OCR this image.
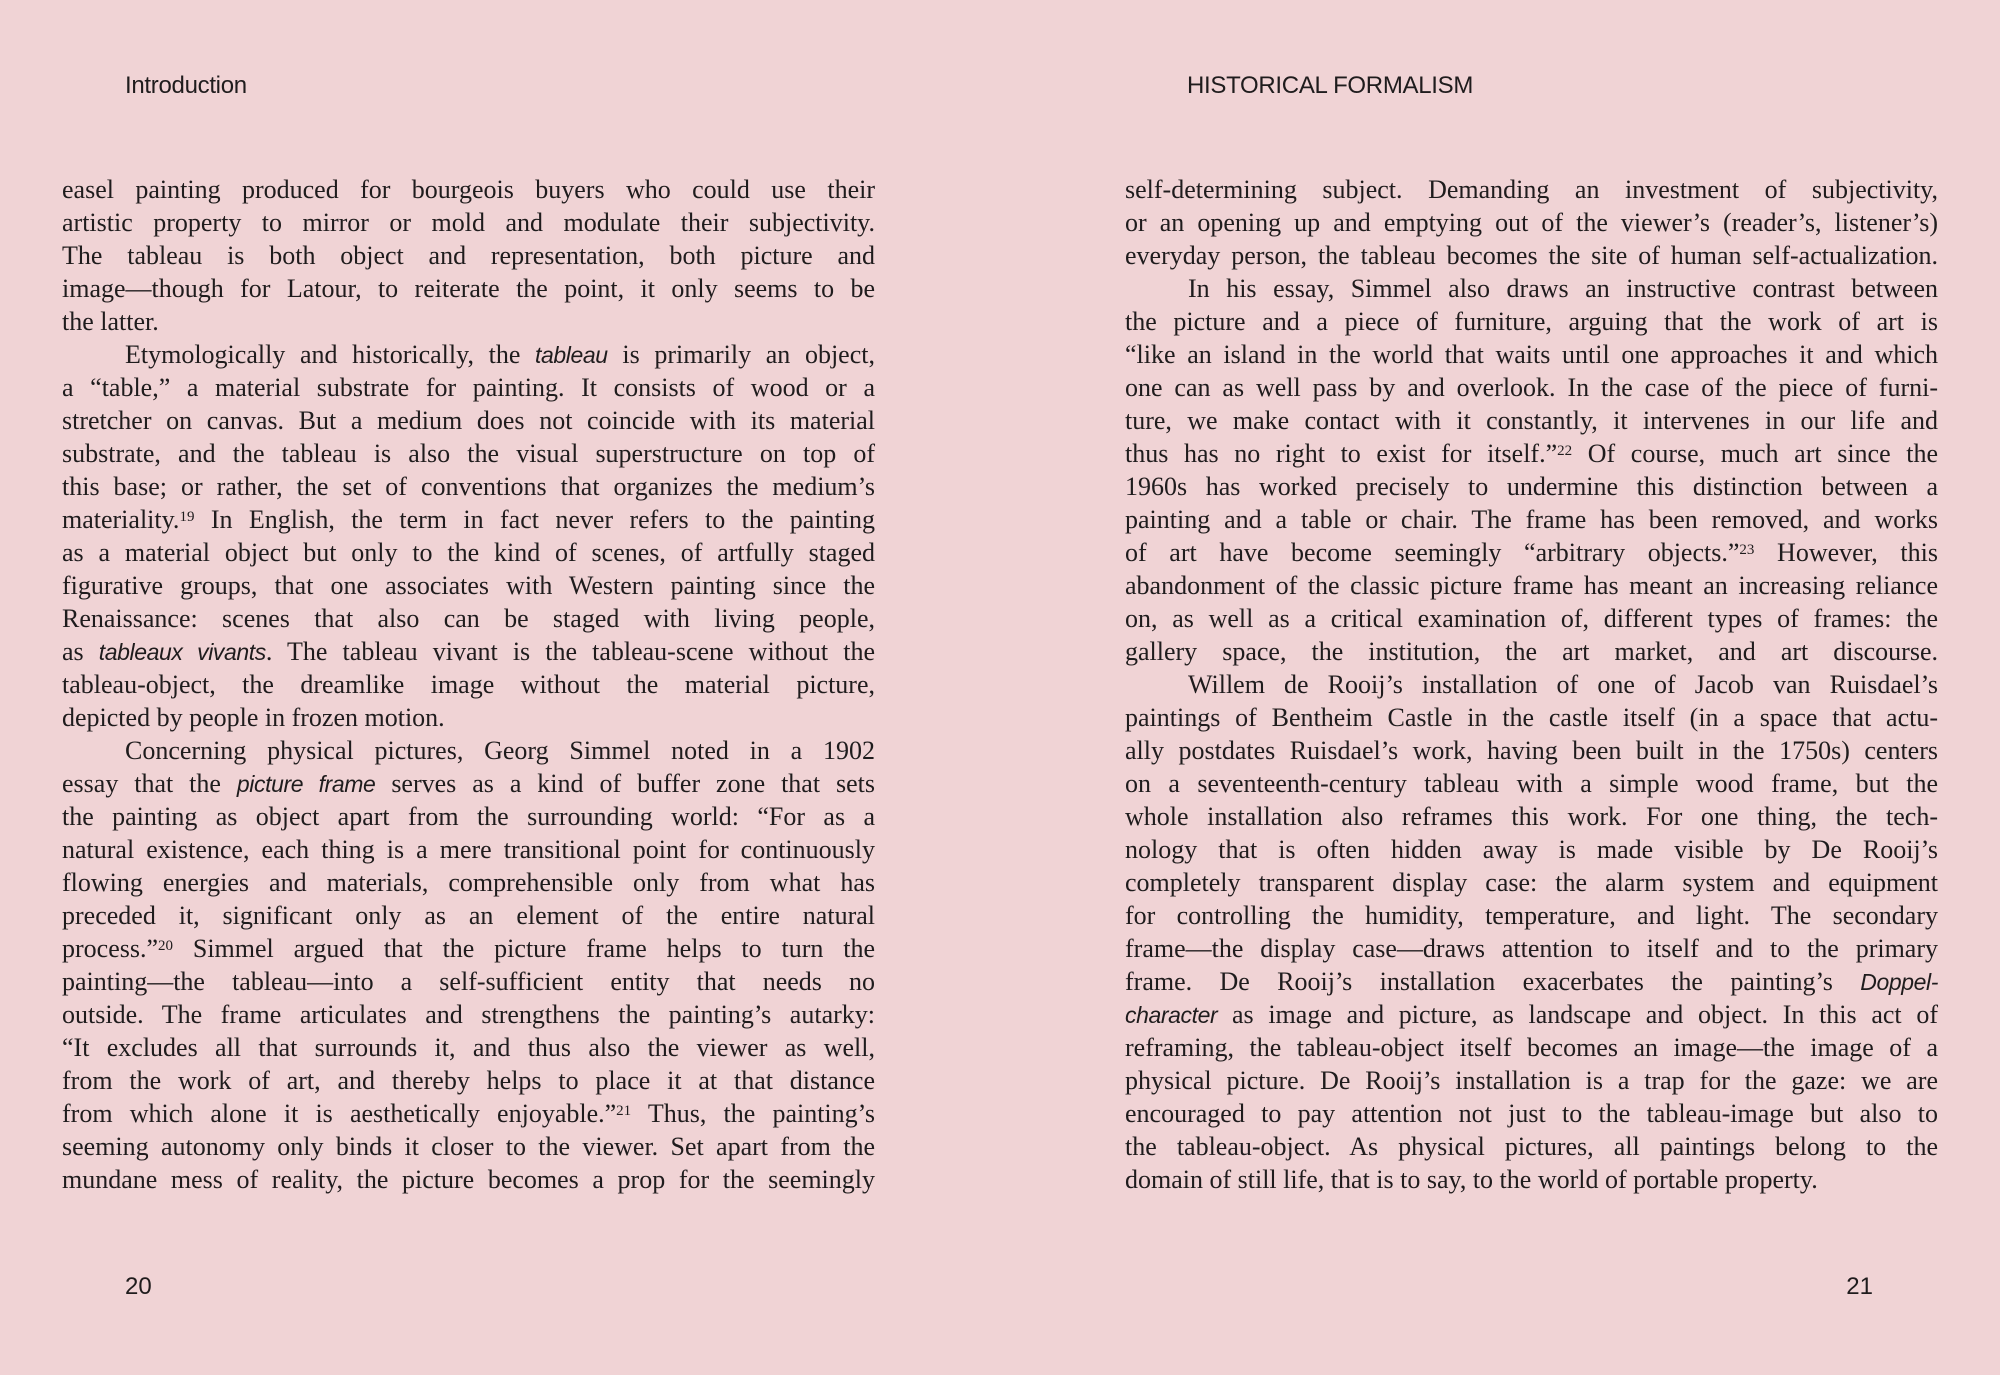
Introduction
easel painting produced for bourgeois buyers who could use their
artistic property to mirror or mold and modulate their subjectivity.
The tableau is both object and representation, both picture and
image—though for Latour, to reiterate the point, it only seems to be
the latter.
Etymologically and historically, the tableau is primarily an object,
a “table,” a material substrate for painting. It consists of wood or a
stretcher on canvas. But a medium does not coincide with its material
substrate, and the tableau is also the visual superstructure on top of
this base; or rather, the set of conventions that organizes the medium’s
materiality.$^{19}$ In English, the term in fact never refers to the painting
as a material object but only to the kind of scenes, of artfully staged
figurative groups, that one associates with Western painting since the
Renaissance: scenes that also can be staged with living people,
as tableaux vivants. The tableau vivant is the tableau-scene without the
tableau-object, the dreamlike image without the material picture,
depicted by people in frozen motion.
Concerning physical pictures, Georg Simmel noted in a 1902
essay that the picture frame serves as a kind of buffer zone that sets
the painting as object apart from the surrounding world: “For as a
natural existence, each thing is a mere transitional point for continuously
flowing energies and materials, comprehensible only from what has
preceded it, significant only as an element of the entire natural
process.”$^{20}$ Simmel argued that the picture frame helps to turn the
painting—the tableau—into a self-sufficient entity that needs no
outside. The frame articulates and strengthens the painting’s autarky:
“It excludes all that surrounds it, and thus also the viewer as well,
from the work of art, and thereby helps to place it at that distance
from which alone it is aesthetically enjoyable.”$^{21}$ Thus, the painting’s
seeming autonomy only binds it closer to the viewer. Set apart from the
mundane mess of reality, the picture becomes a prop for the seemingly
20
HISTORICAL FORMALISM
self-determining subject. Demanding an investment of subjectivity,
or an opening up and emptying out of the viewer’s (reader’s, listener’s)
everyday person, the tableau becomes the site of human self-actualization.
In his essay, Simmel also draws an instructive contrast between
the picture and a piece of furniture, arguing that the work of art is
“like an island in the world that waits until one approaches it and which
one can as well pass by and overlook. In the case of the piece of furni-
ture, we make contact with it constantly, it intervenes in our life and
thus has no right to exist for itself.”$^{22}$ Of course, much art since the
1960s has worked precisely to undermine this distinction between a
painting and a table or chair. The frame has been removed, and works
of art have become seemingly “arbitrary objects.”$^{23}$ However, this
abandonment of the classic picture frame has meant an increasing reliance
on, as well as a critical examination of, different types of frames: the
gallery space, the institution, the art market, and art discourse.
Willem de Rooij’s installation of one of Jacob van Ruisdael’s
paintings of Bentheim Castle in the castle itself (in a space that actu-
ally postdates Ruisdael’s work, having been built in the 1750s) centers
on a seventeenth-century tableau with a simple wood frame, but the
whole installation also reframes this work. For one thing, the tech-
nology that is often hidden away is made visible by De Rooij’s
completely transparent display case: the alarm system and equipment
for controlling the humidity, temperature, and light. The secondary
frame—the display case—draws attention to itself and to the primary
frame. De Rooij’s installation exacerbates the painting’s Doppel-
character as image and picture, as landscape and object. In this act of
reframing, the tableau-object itself becomes an image—the image of a
physical picture. De Rooij’s installation is a trap for the gaze: we are
encouraged to pay attention not just to the tableau-image but also to
the tableau-object. As physical pictures, all paintings belong to the
domain of still life, that is to say, to the world of portable property.
21
